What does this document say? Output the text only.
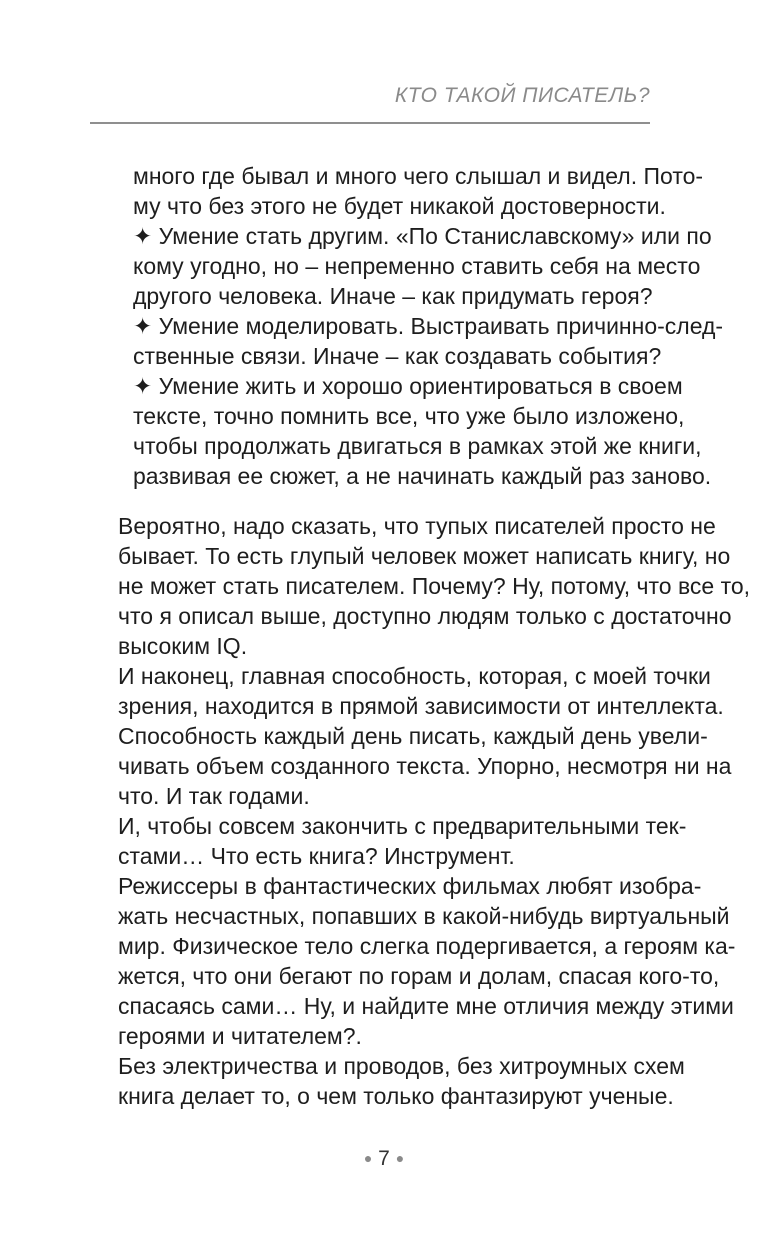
КТО ТАКОЙ ПИСАТЕЛЬ?
много где бывал и много чего слышал и видел. Пото-
му что без этого не будет никакой достоверности.
✦ Умение стать другим. «По Станиславскому» или по
кому угодно, но – непременно ставить себя на место
другого человека. Иначе – как придумать героя?
✦ Умение моделировать. Выстраивать причинно-след-
ственные связи. Иначе – как создавать события?
✦ Умение жить и хорошо ориентироваться в своем
тексте, точно помнить все, что уже было изложено,
чтобы продолжать двигаться в рамках этой же книги,
развивая ее сюжет, а не начинать каждый раз заново.
Вероятно, надо сказать, что тупых писателей просто не
бывает. То есть глупый человек может написать книгу, но
не может стать писателем. Почему? Ну, потому, что все то,
что я описал выше, доступно людям только с достаточно
высоким IQ.
И наконец, главная способность, которая, с моей точки
зрения, находится в прямой зависимости от интеллекта.
Способность каждый день писать, каждый день увели-
чивать объем созданного текста. Упорно, несмотря ни на
что. И так годами.
И, чтобы совсем закончить с предварительными тек-
стами… Что есть книга? Инструмент.
Режиссеры в фантастических фильмах любят изобра-
жать несчастных, попавших в какой-нибудь виртуальный
мир. Физическое тело слегка подергивается, а героям ка-
жется, что они бегают по горам и долам, спасая кого-то,
спасаясь сами… Ну, и найдите мне отличия между этими
героями и читателем?.
Без электричества и проводов, без хитроумных схем
книга делает то, о чем только фантазируют ученые.
● 7 ●
